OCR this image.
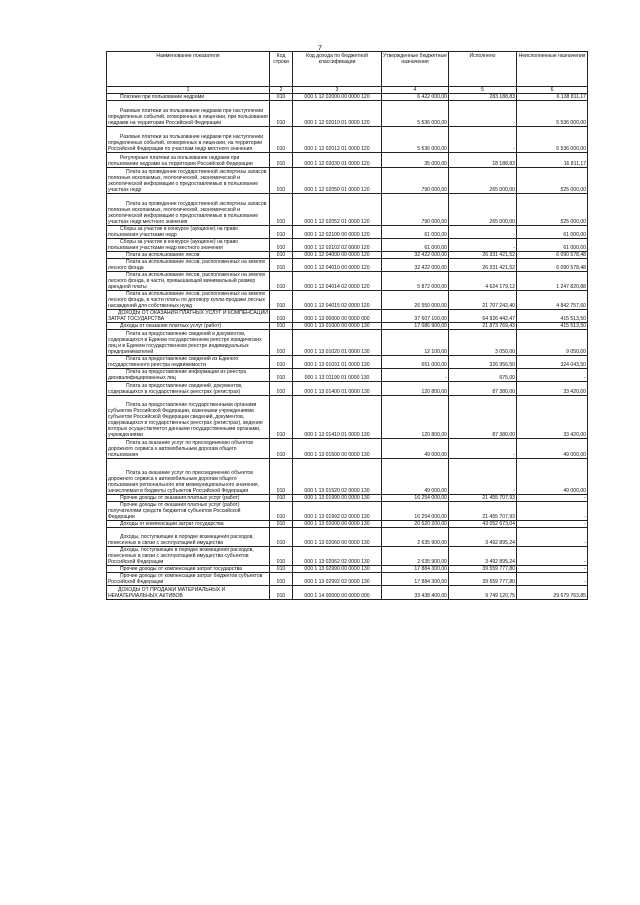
7
Наименование показателя	Код строки	Код дохода по бюджетной классификации	Утвержденные бюджетные назначения	Исполнено	Неисполненные назначения
1	2	3	4	5	6
Платежи при пользовании недрами	010	000 1 12 02000 00 0000 120	6 422 000,00	283 188,83	6 138 811,17
Разовые платежи за пользование недрами при наступлении определенных событий, оговоренных в лицензии, при пользовании недрами на территории Российской Федерации	010	000 1 12 02010 01 0000 120	5 536 000,00	-	5 536 000,00
Разовые платежи за пользование недрами при наступлении определенных событий, оговоренных в лицензии, на территории Российской Федерации по участкам недр местного значения	010	000 1 12 02012 01 0000 120	5 536 000,00	-	5 536 000,00
Регулярные платежи за пользование недрами при пользовании недрами на территории Российской Федерации	010	000 1 12 02030 01 0000 120	35 000,00	18 188,83	16 811,17
Плата за проведение государственной экспертизы запасов полезных ископаемых, геологической, экономической и экологической информации о предоставляемых в пользование участках недр	010	000 1 12 02050 01 0000 120	790 000,00	265 000,00	525 000,00
Плата за проведение государственной экспертизы запасов полезных ископаемых, геологической, экономической и экологической информации о предоставляемых в пользование участках недр местного значения	010	000 1 12 02052 01 0000 120	790 000,00	265 000,00	525 000,00
Сборы за участие в конкурсе (аукционе) на право пользования участками недр	010	000 1 12 02100 00 0000 120	61 000,00	-	61 000,00
Сборы за участие в конкурсе (аукционе) на право пользования участками недр местного значения	010	000 1 12 02102 02 0000 120	61 000,00	-	61 000,00
Плата за использование лесов	010	000 1 12 04000 00 0000 120	32 422 000,00	26 331 421,52	6 090 578,48
Плата за использование лесов, расположенных на землях лесного фонда	010	000 1 12 04010 00 0000 120	32 422 000,00	26 331 421,52	6 090 578,48
Плата за использование лесов, расположенных на землях лесного фонда, в части, превышающей минимальный размер арендной платы	010	000 1 12 04014 02 0000 120	5 872 000,00	4 624 179,12	1 247 820,88
Плата за использование лесов, расположенных на землях лесного фонда, в части платы по договору купли-продажи лесных насаждений для собственных нужд	010	000 1 12 04015 02 0000 120	26 550 000,00	21 707 242,40	4 842 757,60
ДОХОДЫ ОТ ОКАЗАНИЯ ПЛАТНЫХ УСЛУГ И КОМПЕНСАЦИИ ЗАТРАТ ГОСУДАРСТВА	010	000 1 13 00000 00 0000 000	37 607 100,00	64 926 442,47	415 513,50
Доходы от оказания платных услуг (работ)	010	000 1 13 01000 00 0000 130	17 086 900,00	21 873 769,43	415 513,50
Плата за предоставление сведений и документов, содержащихся в Едином государственном реестре юридических лиц и в Едином государственном реестре индивидуальных предпринимателей	010	000 1 13 01020 01 0000 130	12 100,00	3 050,00	9 050,00
Плата за предоставление сведений из Единого государственного реестра недвижимости	010	000 1 13 01031 01 0000 130	651 000,00	326 956,50	324 043,50
Плата за предоставление информации из реестра дисквалифицированных лиц	010	000 1 13 01190 01 0000 130	-	675,00	-
Плата за предоставление сведений, документов, содержащихся в государственных реестрах (регистрах)	010	000 1 13 01400 01 0000 130	120 800,00	87 380,00	33 420,00
Плата за предоставление государственными органами субъектов Российской Федерации, казенными учреждениями субъектов Российской Федерации сведений, документов, содержащихся в государственных реестрах (регистрах), ведение которых осуществляется данными государственными органами, учреждениями	010	000 1 13 01410 01 0000 130	120 800,00	87 380,00	33 420,00
Плата за оказание услуг по присоединению объектов дорожного сервиса к автомобильным дорогам общего пользования	010	000 1 13 01500 00 0000 130	49 000,00	-	49 000,00
Плата за оказание услуг по присоединению объектов дорожного сервиса к автомобильным дорогам общего пользования регионального или межмуниципального значения, зачисляемая в бюджеты субъектов Российской Федерации	010	000 1 13 01520 02 0000 130	49 000,00	-	49 000,00
Прочие доходы от оказания платных услуг (работ)	010	000 1 13 01990 00 0000 130	16 254 000,00	21 455 707,93	-
Прочие доходы от оказания платных услуг (работ) получателями средств бюджетов субъектов Российской Федерации	010	000 1 13 01992 02 0000 130	16 254 000,00	21 455 707,93	-
Доходы от компенсации затрат государства	010	000 1 13 02000 00 0000 130	20 520 200,00	43 052 673,04	-
Доходы, поступающие в порядке возмещения расходов, понесенных в связи с эксплуатацией имущества	010	000 1 13 02060 00 0000 130	2 635 900,00	3 492 895,24	-
Доходы, поступающие в порядке возмещения расходов, понесенных в связи с эксплуатацией имущества субъектов Российской Федерации	010	000 1 13 02062 02 0000 130	2 635 900,00	3 492 895,24	-
Прочие доходы от компенсации затрат государства	010	000 1 13 02990 00 0000 130	17 884 300,00	39 559 777,80	-
Прочие доходы от компенсации затрат бюджетов субъектов Российской Федерации	010	000 1 13 02992 02 0000 130	17 884 300,00	39 559 777,80	-
ДОХОДЫ ОТ ПРОДАЖИ МАТЕРИАЛЬНЫХ И НЕМАТЕРИАЛЬНЫХ АКТИВОВ	010	000 1 14 00000 00 0000 000	33 438 400,00	9 749 120,75	29 679 763,85
